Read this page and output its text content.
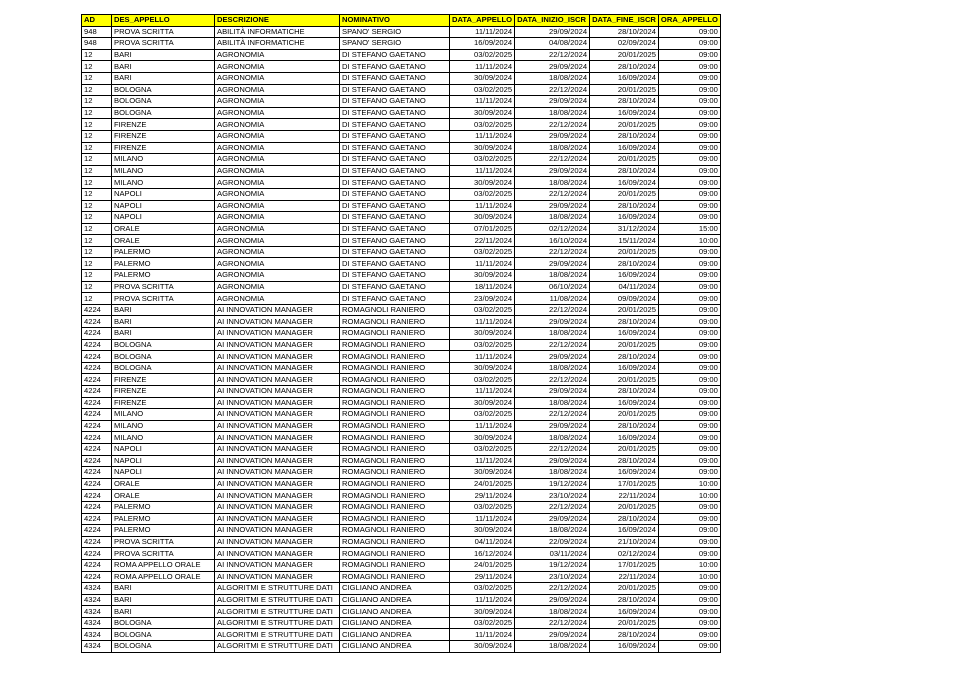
AD	DES_APPELLO	DESCRIZIONE	NOMINATIVO	DATA_APPELLO	DATA_INIZIO_ISCR	DATA_FINE_ISCR	ORA_APPELLO
948	PROVA SCRITTA	ABILITÀ INFORMATICHE	SPANO' SERGIO	11/11/2024	29/09/2024	28/10/2024	09:00
948	PROVA SCRITTA	ABILITÀ INFORMATICHE	SPANO' SERGIO	16/09/2024	04/08/2024	02/09/2024	09:00
12	BARI	AGRONOMIA	DI STEFANO GAETANO	03/02/2025	22/12/2024	20/01/2025	09:00
12	BARI	AGRONOMIA	DI STEFANO GAETANO	11/11/2024	29/09/2024	28/10/2024	09:00
12	BARI	AGRONOMIA	DI STEFANO GAETANO	30/09/2024	18/08/2024	16/09/2024	09:00
12	BOLOGNA	AGRONOMIA	DI STEFANO GAETANO	03/02/2025	22/12/2024	20/01/2025	09:00
12	BOLOGNA	AGRONOMIA	DI STEFANO GAETANO	11/11/2024	29/09/2024	28/10/2024	09:00
12	BOLOGNA	AGRONOMIA	DI STEFANO GAETANO	30/09/2024	18/08/2024	16/09/2024	09:00
12	FIRENZE	AGRONOMIA	DI STEFANO GAETANO	03/02/2025	22/12/2024	20/01/2025	09:00
12	FIRENZE	AGRONOMIA	DI STEFANO GAETANO	11/11/2024	29/09/2024	28/10/2024	09:00
12	FIRENZE	AGRONOMIA	DI STEFANO GAETANO	30/09/2024	18/08/2024	16/09/2024	09:00
12	MILANO	AGRONOMIA	DI STEFANO GAETANO	03/02/2025	22/12/2024	20/01/2025	09:00
12	MILANO	AGRONOMIA	DI STEFANO GAETANO	11/11/2024	29/09/2024	28/10/2024	09:00
12	MILANO	AGRONOMIA	DI STEFANO GAETANO	30/09/2024	18/08/2024	16/09/2024	09:00
12	NAPOLI	AGRONOMIA	DI STEFANO GAETANO	03/02/2025	22/12/2024	20/01/2025	09:00
12	NAPOLI	AGRONOMIA	DI STEFANO GAETANO	11/11/2024	29/09/2024	28/10/2024	09:00
12	NAPOLI	AGRONOMIA	DI STEFANO GAETANO	30/09/2024	18/08/2024	16/09/2024	09:00
12	ORALE	AGRONOMIA	DI STEFANO GAETANO	07/01/2025	02/12/2024	31/12/2024	15:00
12	ORALE	AGRONOMIA	DI STEFANO GAETANO	22/11/2024	16/10/2024	15/11/2024	10:00
12	PALERMO	AGRONOMIA	DI STEFANO GAETANO	03/02/2025	22/12/2024	20/01/2025	09:00
12	PALERMO	AGRONOMIA	DI STEFANO GAETANO	11/11/2024	29/09/2024	28/10/2024	09:00
12	PALERMO	AGRONOMIA	DI STEFANO GAETANO	30/09/2024	18/08/2024	16/09/2024	09:00
12	PROVA SCRITTA	AGRONOMIA	DI STEFANO GAETANO	18/11/2024	06/10/2024	04/11/2024	09:00
12	PROVA SCRITTA	AGRONOMIA	DI STEFANO GAETANO	23/09/2024	11/08/2024	09/09/2024	09:00
4224	BARI	AI INNOVATION MANAGER	ROMAGNOLI RANIERO	03/02/2025	22/12/2024	20/01/2025	09:00
4224	BARI	AI INNOVATION MANAGER	ROMAGNOLI RANIERO	11/11/2024	29/09/2024	28/10/2024	09:00
4224	BARI	AI INNOVATION MANAGER	ROMAGNOLI RANIERO	30/09/2024	18/08/2024	16/09/2024	09:00
4224	BOLOGNA	AI INNOVATION MANAGER	ROMAGNOLI RANIERO	03/02/2025	22/12/2024	20/01/2025	09:00
4224	BOLOGNA	AI INNOVATION MANAGER	ROMAGNOLI RANIERO	11/11/2024	29/09/2024	28/10/2024	09:00
4224	BOLOGNA	AI INNOVATION MANAGER	ROMAGNOLI RANIERO	30/09/2024	18/08/2024	16/09/2024	09:00
4224	FIRENZE	AI INNOVATION MANAGER	ROMAGNOLI RANIERO	03/02/2025	22/12/2024	20/01/2025	09:00
4224	FIRENZE	AI INNOVATION MANAGER	ROMAGNOLI RANIERO	11/11/2024	29/09/2024	28/10/2024	09:00
4224	FIRENZE	AI INNOVATION MANAGER	ROMAGNOLI RANIERO	30/09/2024	18/08/2024	16/09/2024	09:00
4224	MILANO	AI INNOVATION MANAGER	ROMAGNOLI RANIERO	03/02/2025	22/12/2024	20/01/2025	09:00
4224	MILANO	AI INNOVATION MANAGER	ROMAGNOLI RANIERO	11/11/2024	29/09/2024	28/10/2024	09:00
4224	MILANO	AI INNOVATION MANAGER	ROMAGNOLI RANIERO	30/09/2024	18/08/2024	16/09/2024	09:00
4224	NAPOLI	AI INNOVATION MANAGER	ROMAGNOLI RANIERO	03/02/2025	22/12/2024	20/01/2025	09:00
4224	NAPOLI	AI INNOVATION MANAGER	ROMAGNOLI RANIERO	11/11/2024	29/09/2024	28/10/2024	09:00
4224	NAPOLI	AI INNOVATION MANAGER	ROMAGNOLI RANIERO	30/09/2024	18/08/2024	16/09/2024	09:00
4224	ORALE	AI INNOVATION MANAGER	ROMAGNOLI RANIERO	24/01/2025	19/12/2024	17/01/2025	10:00
4224	ORALE	AI INNOVATION MANAGER	ROMAGNOLI RANIERO	29/11/2024	23/10/2024	22/11/2024	10:00
4224	PALERMO	AI INNOVATION MANAGER	ROMAGNOLI RANIERO	03/02/2025	22/12/2024	20/01/2025	09:00
4224	PALERMO	AI INNOVATION MANAGER	ROMAGNOLI RANIERO	11/11/2024	29/09/2024	28/10/2024	09:00
4224	PALERMO	AI INNOVATION MANAGER	ROMAGNOLI RANIERO	30/09/2024	18/08/2024	16/09/2024	09:00
4224	PROVA SCRITTA	AI INNOVATION MANAGER	ROMAGNOLI RANIERO	04/11/2024	22/09/2024	21/10/2024	09:00
4224	PROVA SCRITTA	AI INNOVATION MANAGER	ROMAGNOLI RANIERO	16/12/2024	03/11/2024	02/12/2024	09:00
4224	ROMA APPELLO ORALE	AI INNOVATION MANAGER	ROMAGNOLI RANIERO	24/01/2025	19/12/2024	17/01/2025	10:00
4224	ROMA APPELLO ORALE	AI INNOVATION MANAGER	ROMAGNOLI RANIERO	29/11/2024	23/10/2024	22/11/2024	10:00
4324	BARI	ALGORITMI E STRUTTURE DATI	CIGLIANO ANDREA	03/02/2025	22/12/2024	20/01/2025	09:00
4324	BARI	ALGORITMI E STRUTTURE DATI	CIGLIANO ANDREA	11/11/2024	29/09/2024	28/10/2024	09:00
4324	BARI	ALGORITMI E STRUTTURE DATI	CIGLIANO ANDREA	30/09/2024	18/08/2024	16/09/2024	09:00
4324	BOLOGNA	ALGORITMI E STRUTTURE DATI	CIGLIANO ANDREA	03/02/2025	22/12/2024	20/01/2025	09:00
4324	BOLOGNA	ALGORITMI E STRUTTURE DATI	CIGLIANO ANDREA	11/11/2024	29/09/2024	28/10/2024	09:00
4324	BOLOGNA	ALGORITMI E STRUTTURE DATI	CIGLIANO ANDREA	30/09/2024	18/08/2024	16/09/2024	09:00
